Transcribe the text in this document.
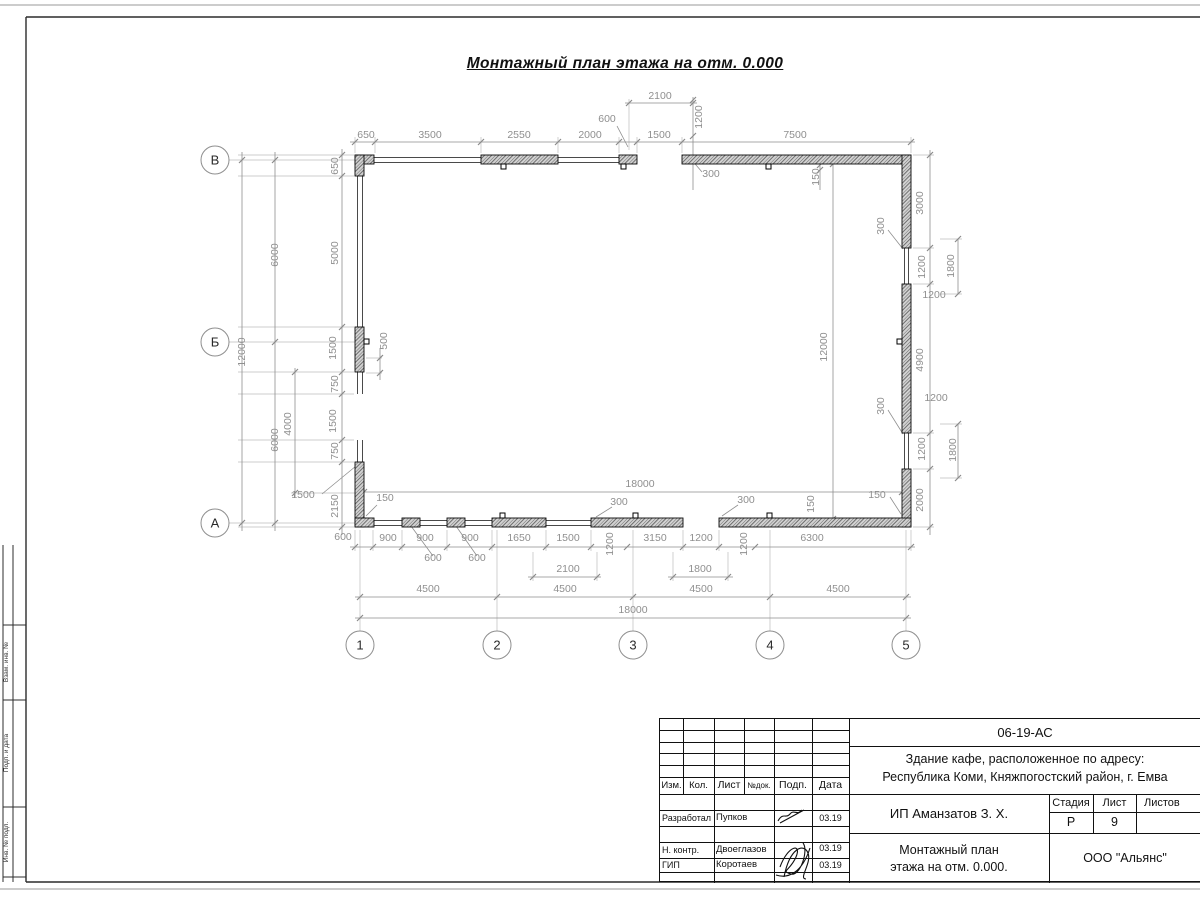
2100
600	1200
650	3500	2550	2000	1500	7500
300	150
650
5000
1500
750
1500
750
2150
6000
6000
12000
4000
500
1500	150
600
300
3000
1200 1800
1200
4900
1200
300
1200 1800
150	2000
12000
18000
300	300	150
900 900	900	1650 1500 1200	3150 1200 1200	6300
600	600
2100	1800
4500	4500	4500	4500
18000
В
Б
А
1	2	3	4	5
Взам. инв. №
Подп. и дата
Инв. № подл.
Монтажный план этажа на отм. 0.000
Изм. Кол. Лист №док. Подп.	Дата
Разработал Пупков	03.19
Н. контр.	Двоеглазов	03.19
ГИП	Коротаев	03.19
06-19-АС
Здание кафе, расположенное по адресу:
Республика Коми, Княжпогостский район, г. Емва
ИП Аманзатов З. Х.
Стадия	Лист	Листов
Р	9
Монтажный план
этажа на отм. 0.000.
ООО "Альянс"
